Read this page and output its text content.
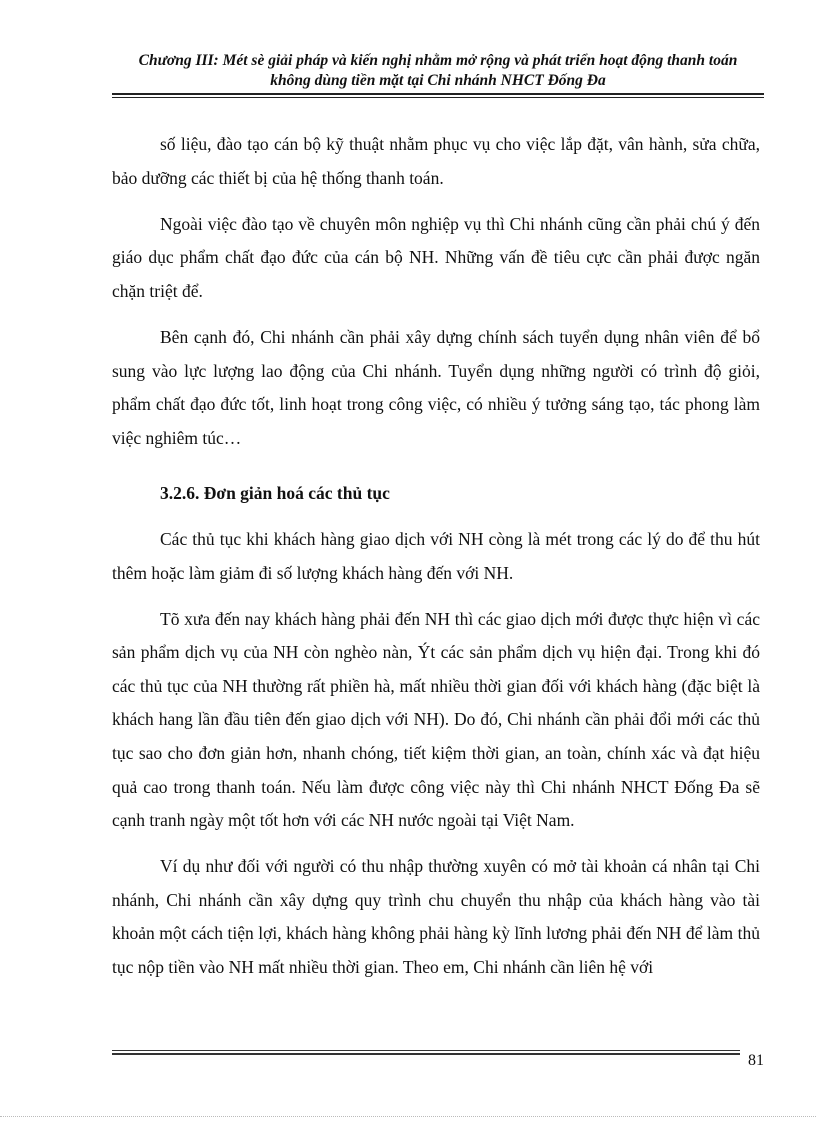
Chương III: Mét sè giải pháp và kiến nghị nhằm mở rộng và phát triển hoạt động thanh toán
không dùng tiền mặt tại Chi nhánh NHCT Đống Đa

số liệu, đào tạo cán bộ kỹ thuật nhằm phục vụ cho việc lắp đặt, vân hành, sửa chữa, bảo dưỡng các thiết bị của hệ thống thanh toán.

Ngoài việc đào tạo về chuyên môn nghiệp vụ thì Chi nhánh cũng cần phải chú ý đến giáo dục phẩm chất đạo đức của cán bộ NH. Những vấn đề tiêu cực cần phải được ngăn chặn triệt để.

Bên cạnh đó, Chi nhánh cần phải xây dựng chính sách tuyển dụng nhân viên để bổ sung vào lực lượng lao động của Chi nhánh. Tuyển dụng những người có trình độ giỏi, phẩm chất đạo đức tốt, linh hoạt trong công việc, có nhiều ý tưởng sáng tạo, tác phong làm việc nghiêm túc…

3.2.6. Đơn giản hoá các thủ tục

Các thủ tục khi khách hàng giao dịch với NH còng là mét trong các lý do để thu hút thêm hoặc làm giảm đi số lượng khách hàng đến với NH.

Tõ xưa đến nay khách hàng phải đến NH thì các giao dịch mới được thực hiện vì các sản phẩm dịch vụ của NH còn nghèo nàn, Ýt các sản phẩm dịch vụ hiện đại. Trong khi đó các thủ tục của NH thường rất phiền hà, mất nhiều thời gian đối với khách hàng (đặc biệt là khách hang lần đầu tiên đến giao dịch với NH). Do đó, Chi nhánh cần phải đổi mới các thủ tục sao cho đơn giản hơn, nhanh chóng, tiết kiệm thời gian, an toàn, chính xác và đạt hiệu quả cao trong thanh toán. Nếu làm được công việc này thì Chi nhánh NHCT Đống Đa sẽ cạnh tranh ngày một tốt hơn với các NH nước ngoài tại Việt Nam.

Ví dụ như đối với người có thu nhập thường xuyên có mở tài khoản cá nhân tại Chi nhánh, Chi nhánh cần xây dựng quy trình chu chuyển thu nhập của khách hàng vào tài khoản một cách tiện lợi, khách hàng không phải hàng kỳ lĩnh lương phải đến NH để làm thủ tục nộp tiền vào NH mất nhiều thời gian. Theo em, Chi nhánh cần liên hệ với

81
